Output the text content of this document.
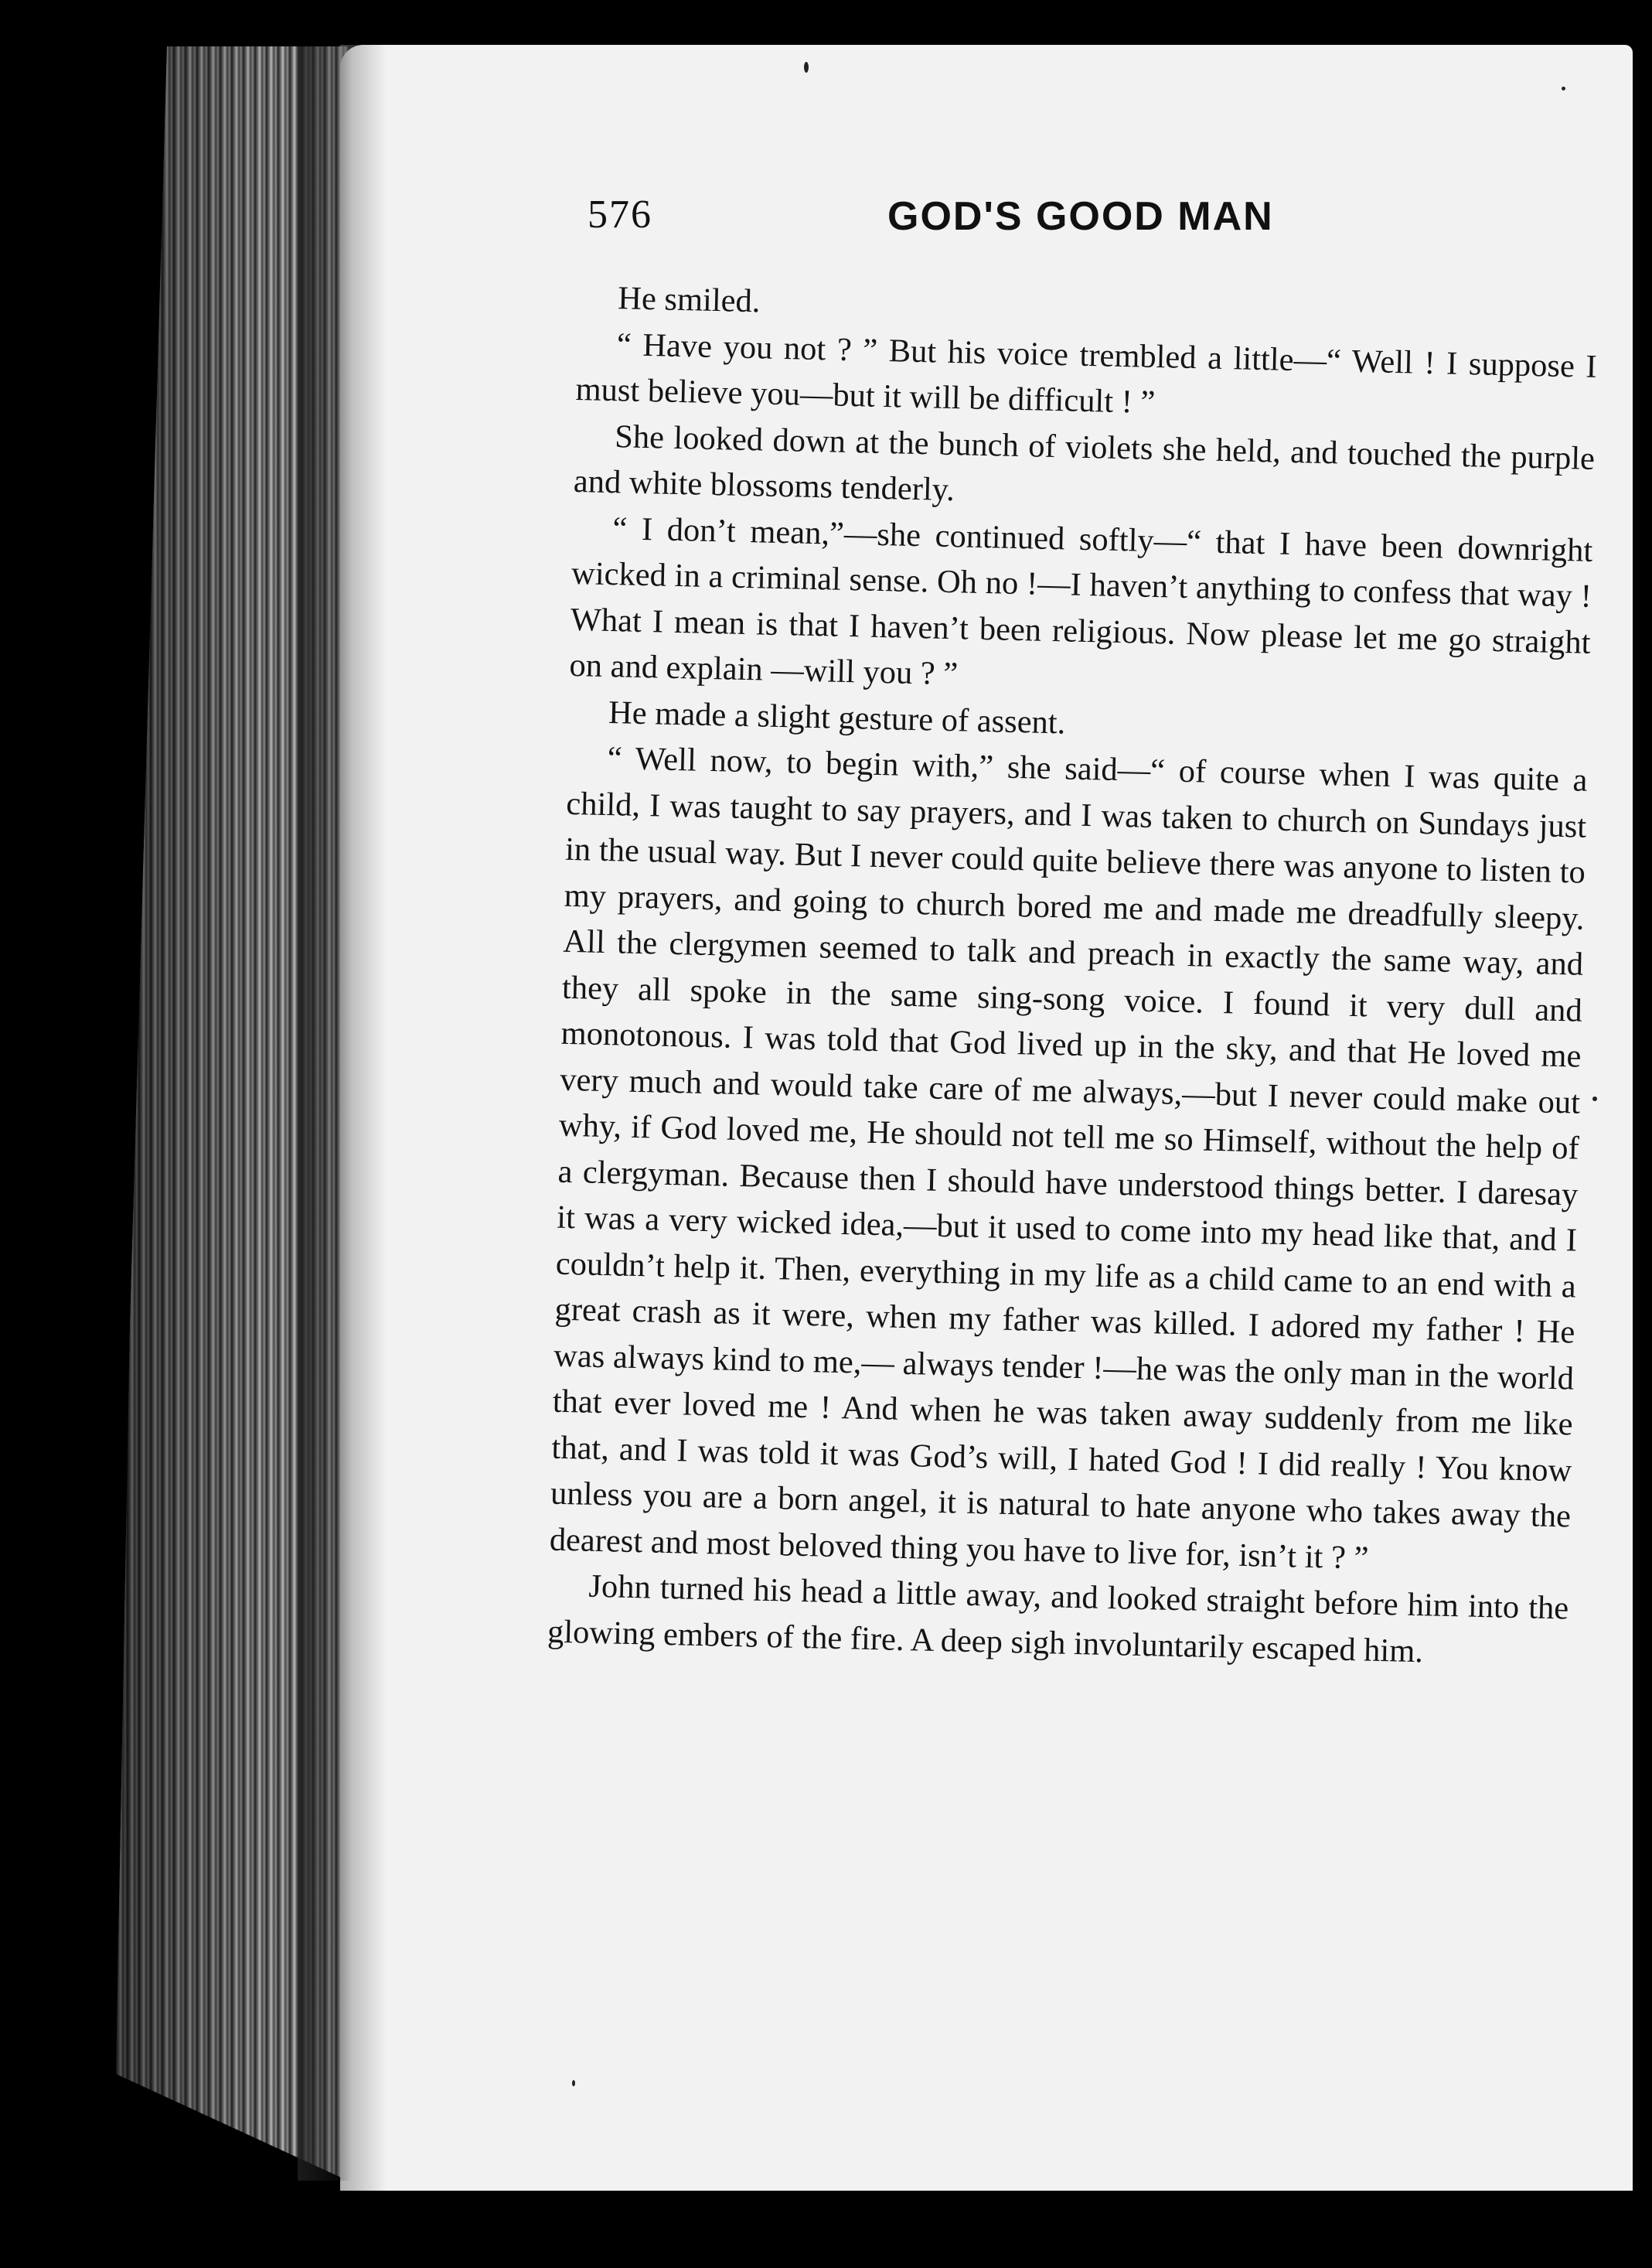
576	GOD'S GOOD MAN

He smiled.

“ Have you not ? ” But his voice trembled a little—“ Well ! I suppose I must believe you—but it will be difficult ! ”

She looked down at the bunch of violets she held, and touched the purple and white blossoms tenderly.

“ I don’t mean,”—she continued softly—“ that I have been downright wicked in a criminal sense. Oh no !—I haven’t anything to confess that way ! What I mean is that I haven’t been religious. Now please let me go straight on and explain —will you ? ”

He made a slight gesture of assent.

“ Well now, to begin with,” she said—“ of course when I was quite a child, I was taught to say prayers, and I was taken to church on Sundays just in the usual way. But I never could quite believe there was anyone to listen to my prayers, and going to church bored me and made me dreadfully sleepy. All the clergymen seemed to talk and preach in exactly the same way, and they all spoke in the same sing-song voice. I found it very dull and monotonous. I was told that God lived up in the sky, and that He loved me very much and would take care of me always,—but I never could make out why, if God loved me, He should not tell me so Himself, without the help of a clergyman. Because then I should have understood things better. I daresay it was a very wicked idea,—but it used to come into my head like that, and I couldn’t help it. Then, everything in my life as a child came to an end with a great crash as it were, when my father was killed. I adored my father ! He was always kind to me,— always tender !—he was the only man in the world that ever loved me ! And when he was taken away suddenly from me like that, and I was told it was God’s will, I hated God ! I did really ! You know unless you are a born angel, it is natural to hate anyone who takes away the dearest and most beloved thing you have to live for, isn’t it ? ”

John turned his head a little away, and looked straight before him into the glowing embers of the fire. A deep sigh involuntarily escaped him.
